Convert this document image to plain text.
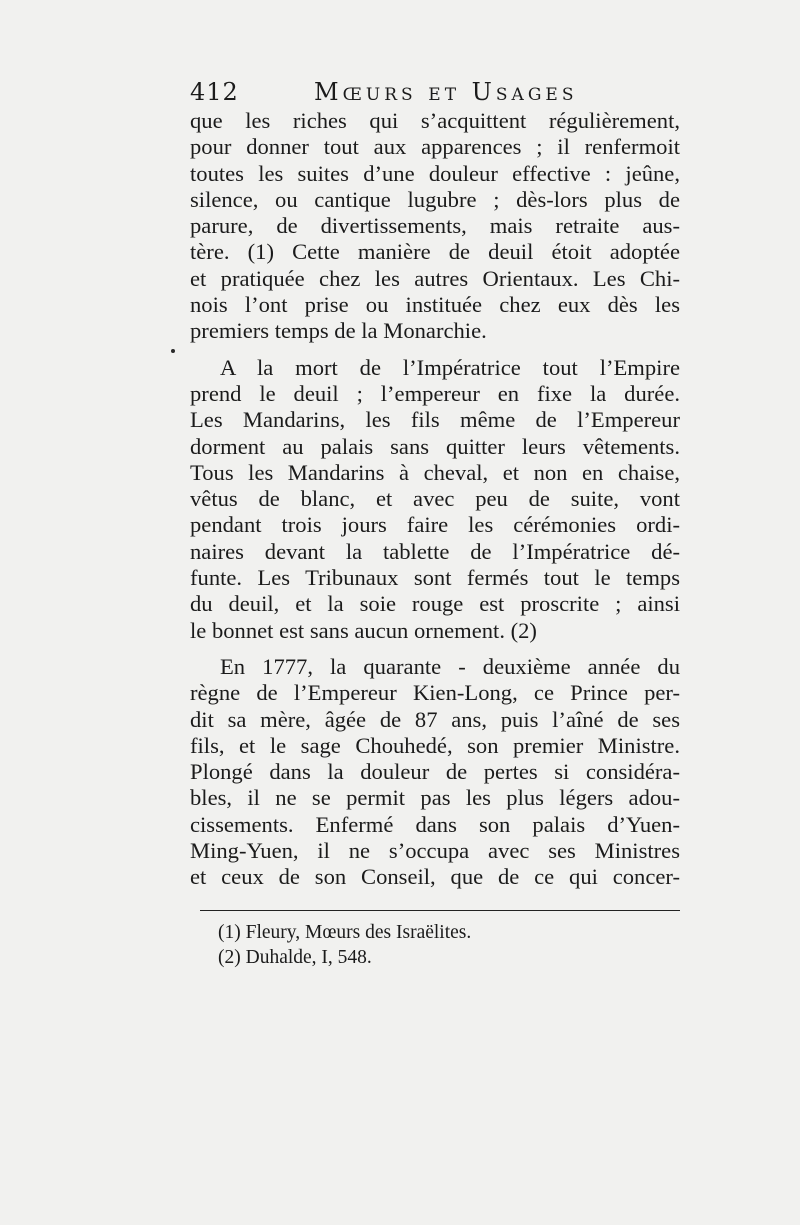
412	Mœurs et Usages
que les riches qui s’acquittent régulièrement,
pour donner tout aux apparences ; il renfermoit
toutes les suites d’une douleur effective : jeûne,
silence, ou cantique lugubre ; dès-lors plus de
parure, de divertissements, mais retraite aus-
tère. (1) Cette manière de deuil étoit adoptée
et pratiquée chez les autres Orientaux. Les Chi-
nois l’ont prise ou instituée chez eux dès les
premiers temps de la Monarchie.
A la mort de l’Impératrice tout l’Empire
prend le deuil ; l’empereur en fixe la durée.
Les Mandarins, les fils même de l’Empereur
dorment au palais sans quitter leurs vêtements.
Tous les Mandarins à cheval, et non en chaise,
vêtus de blanc, et avec peu de suite, vont
pendant trois jours faire les cérémonies ordi-
naires devant la tablette de l’Impératrice dé-
funte. Les Tribunaux sont fermés tout le temps
du deuil, et la soie rouge est proscrite ; ainsi
le bonnet est sans aucun ornement. (2)
En 1777, la quarante - deuxième année du
règne de l’Empereur Kien-Long, ce Prince per-
dit sa mère, âgée de 87 ans, puis l’aîné de ses
fils, et le sage Chouhedé, son premier Ministre.
Plongé dans la douleur de pertes si considéra-
bles, il ne se permit pas les plus légers adou-
cissements. Enfermé dans son palais d’Yuen-
Ming-Yuen, il ne s’occupa avec ses Ministres
et ceux de son Conseil, que de ce qui concer-
(1) Fleury, Mœurs des Israëlites.
(2) Duhalde, I, 548.
